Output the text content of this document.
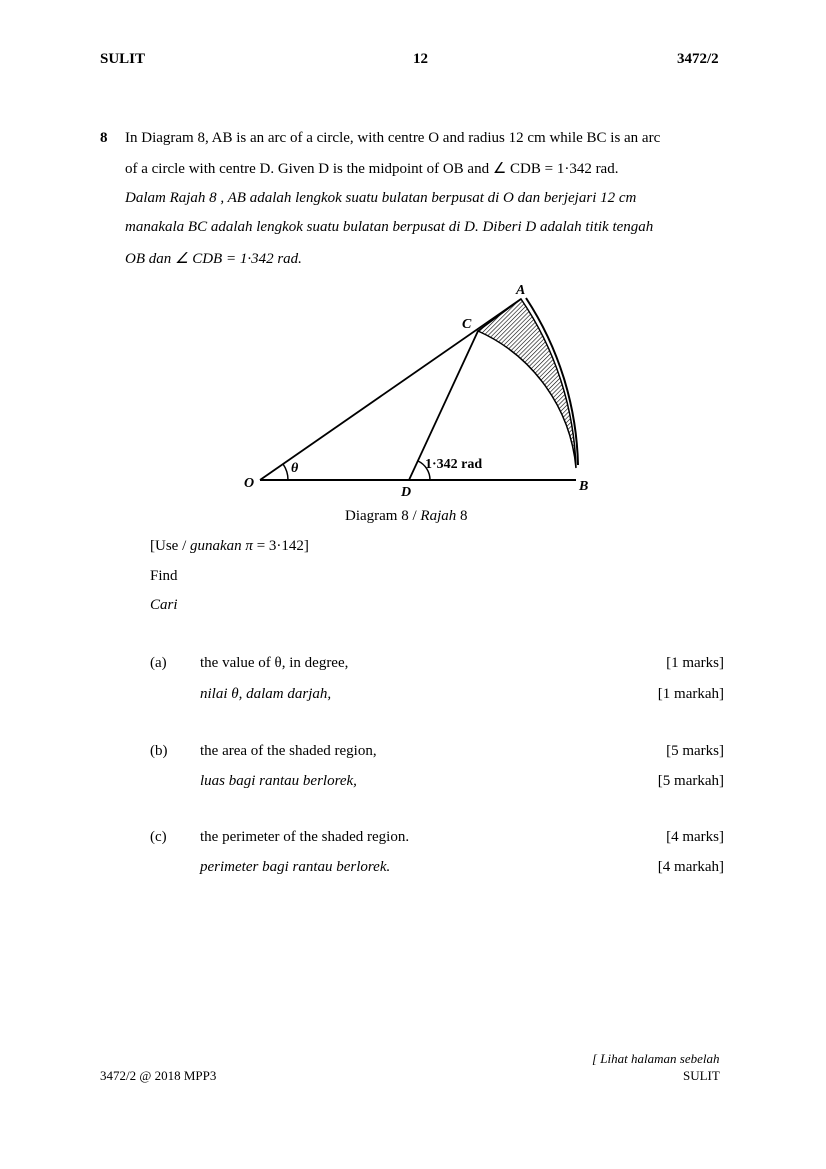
SULIT	12	3472/2
8 In Diagram 8, AB is an arc of a circle, with centre O and radius 12 cm while BC is an arc
of a circle with centre D. Given D is the midpoint of OB and ∠ CDB = 1·342 rad.
Dalam Rajah 8 , AB adalah lengkok suatu bulatan berpusat di O dan berjejari 12 cm
manakala BC adalah lengkok suatu bulatan berpusat di D. Diberi D adalah titik tengah
OB dan ∠ CDB = 1·342 rad.
A
C
O
D	B
θ	1·342 rad
Diagram 8 / Rajah 8
[Use / gunakan π = 3·142]
Find
Cari
(a) the value of θ, in degree,
nilai θ, dalam darjah,
[1 marks]
[1 markah]
(b) the area of the shaded region,
luas bagi rantau berlorek,
[5 marks]
[5 markah]
(c) the perimeter of the shaded region.
perimeter bagi rantau berlorek.
[4 marks]
[4 markah]
[ Lihat halaman sebelah
3472/2 @ 2018 MPP3	SULIT
